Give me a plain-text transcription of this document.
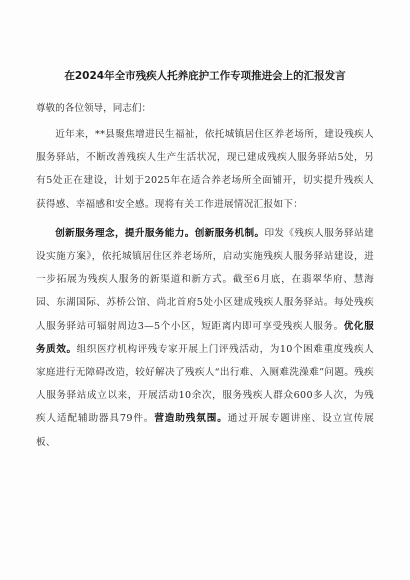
在2024年全市残疾人托养庇护工作专项推进会上的汇报发言
尊敬的各位领导，同志们：

近年来，**县聚焦增进民生福祉，依托城镇居住区养老场所，建设残疾人服务驿站，不断改善残疾人生产生活状况，现已建成残疾人服务驿站5处，另有5处正在建设，计划于2025年在适合养老场所全面铺开，切实提升残疾人获得感、幸福感和安全感。现将有关工作进展情况汇报如下：

创新服务理念，提升服务能力。创新服务机制。印发《残疾人服务驿站建设实施方案》，依托城镇居住区养老场所，启动实施残疾人服务驿站建设，进一步拓展为残疾人服务的新渠道和新方式。截至6月底，在翡翠华府、慧海园、东湖国际、苏桥公馆、尚北首府5处小区建成残疾人服务驿站。每处残疾人服务驿站可辐射周边3—5个小区，短距离内即可享受残疾人服务。优化服务质效。组织医疗机构评残专家开展上门评残活动，为10个困难重度残疾人家庭进行无障碍改造，较好解决了残疾人“出行难、入厕难洗澡难”问题。残疾人服务驿站成立以来，开展活动10余次，服务残疾人群众600多人次，为残疾人适配辅助器具79件。营造助残氛围。通过开展专题讲座、设立宣传展板、
